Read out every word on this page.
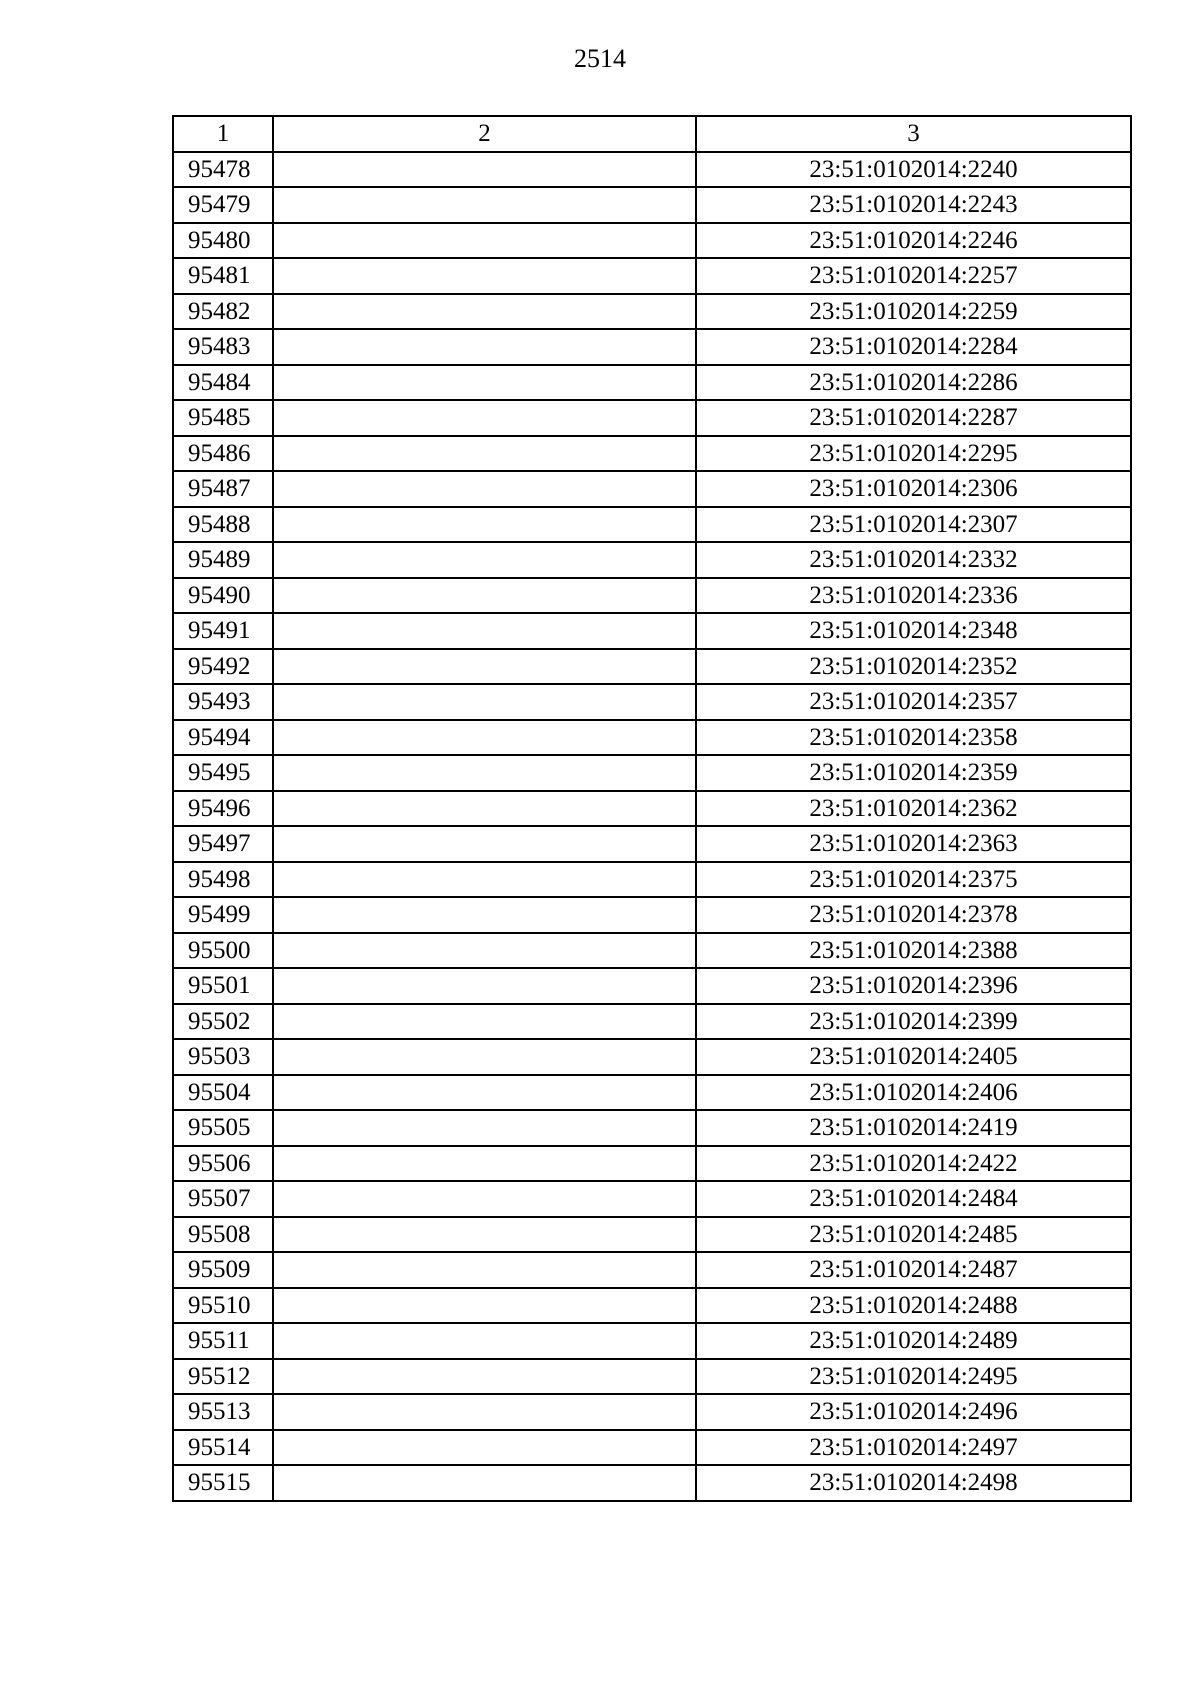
2514
1	2	3
95478		23:51:0102014:2240
95479		23:51:0102014:2243
95480		23:51:0102014:2246
95481		23:51:0102014:2257
95482		23:51:0102014:2259
95483		23:51:0102014:2284
95484		23:51:0102014:2286
95485		23:51:0102014:2287
95486		23:51:0102014:2295
95487		23:51:0102014:2306
95488		23:51:0102014:2307
95489		23:51:0102014:2332
95490		23:51:0102014:2336
95491		23:51:0102014:2348
95492		23:51:0102014:2352
95493		23:51:0102014:2357
95494		23:51:0102014:2358
95495		23:51:0102014:2359
95496		23:51:0102014:2362
95497		23:51:0102014:2363
95498		23:51:0102014:2375
95499		23:51:0102014:2378
95500		23:51:0102014:2388
95501		23:51:0102014:2396
95502		23:51:0102014:2399
95503		23:51:0102014:2405
95504		23:51:0102014:2406
95505		23:51:0102014:2419
95506		23:51:0102014:2422
95507		23:51:0102014:2484
95508		23:51:0102014:2485
95509		23:51:0102014:2487
95510		23:51:0102014:2488
95511		23:51:0102014:2489
95512		23:51:0102014:2495
95513		23:51:0102014:2496
95514		23:51:0102014:2497
95515		23:51:0102014:2498
